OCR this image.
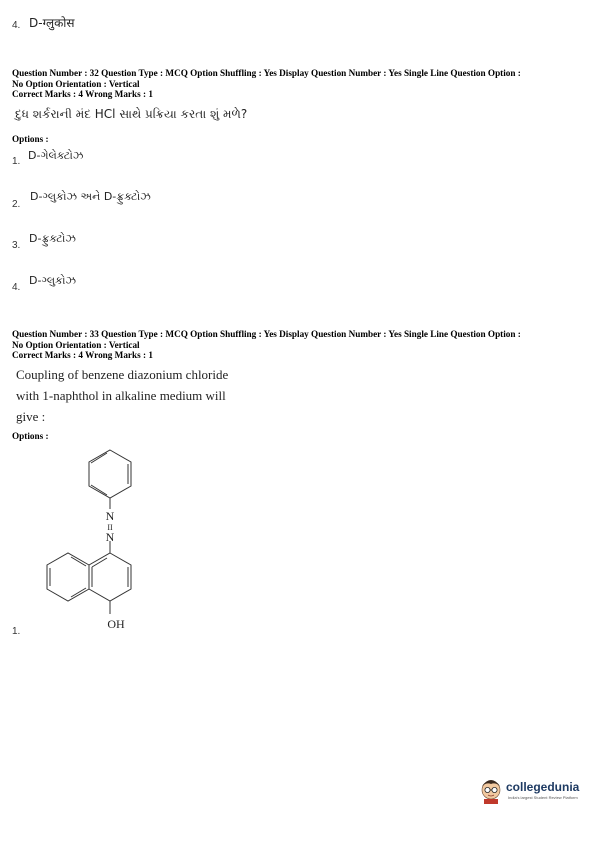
4. D-ग्लुकोस
Question Number : 32 Question Type : MCQ Option Shuffling : Yes Display Question Number : Yes Single Line Question Option :
No Option Orientation : Vertical
Correct Marks : 4 Wrong Marks : 1
દુધ શર્કરાની મંદ HCl સાથે પ્રક્રિયા કરતા શું મળે?
Options :
1. D-ગેલેક્ટોઝ
2.
D-ગ્લુકોઝ અને D-ફ્રુક્ટોઝ
3.
D-ફ્રુક્ટોઝ
4.
D-ગ્લુકોઝ
Question Number : 33 Question Type : MCQ Option Shuffling : Yes Display Question Number : Yes Single Line Question Option :
No Option Orientation : Vertical
Correct Marks : 4 Wrong Marks : 1
Coupling of benzene diazonium chloride
with 1-naphthol in alkaline medium will
give :
Options :
N
II
N
OH
1.
collegedunia
India's largest Student Review Platform
